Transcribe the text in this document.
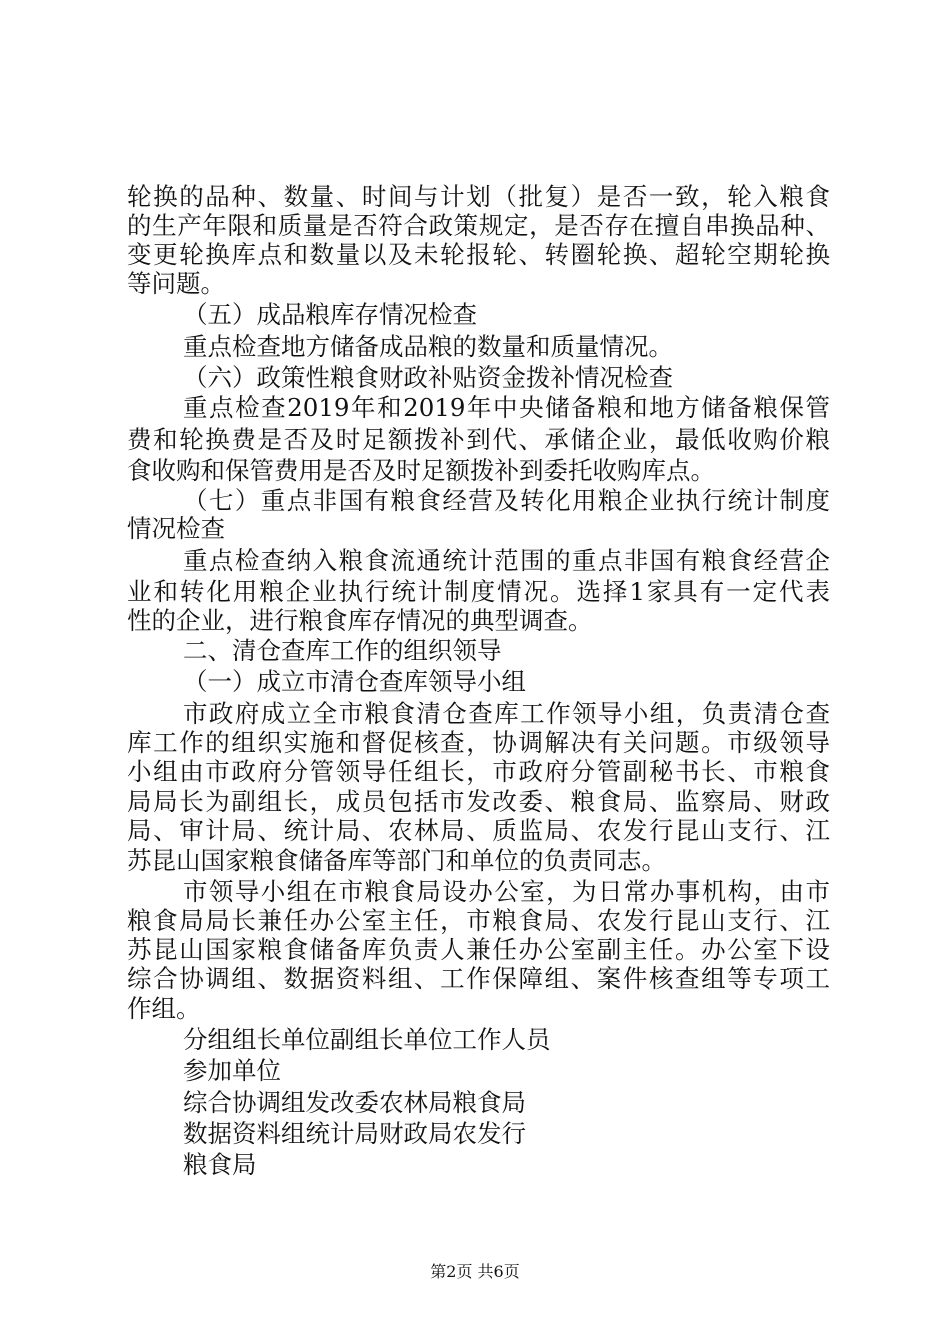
轮换的品种、数量、时间与计划（批复）是否一致，轮入粮食
的生产年限和质量是否符合政策规定，是否存在擅自串换品种、
变更轮换库点和数量以及未轮报轮、转圈轮换、超轮空期轮换
等问题。
（五）成品粮库存情况检查
重点检查地方储备成品粮的数量和质量情况。
（六）政策性粮食财政补贴资金拨补情况检查
重点检查2019年和2019年中央储备粮和地方储备粮保管
费和轮换费是否及时足额拨补到代、承储企业，最低收购价粮
食收购和保管费用是否及时足额拨补到委托收购库点。
（七）重点非国有粮食经营及转化用粮企业执行统计制度
情况检查
重点检查纳入粮食流通统计范围的重点非国有粮食经营企
业和转化用粮企业执行统计制度情况。选择1家具有一定代表
性的企业，进行粮食库存情况的典型调查。
二、清仓查库工作的组织领导
（一）成立市清仓查库领导小组
市政府成立全市粮食清仓查库工作领导小组，负责清仓查
库工作的组织实施和督促核查，协调解决有关问题。市级领导
小组由市政府分管领导任组长，市政府分管副秘书长、市粮食
局局长为副组长，成员包括市发改委、粮食局、监察局、财政
局、审计局、统计局、农林局、质监局、农发行昆山支行、江
苏昆山国家粮食储备库等部门和单位的负责同志。
市领导小组在市粮食局设办公室，为日常办事机构，由市
粮食局局长兼任办公室主任，市粮食局、农发行昆山支行、江
苏昆山国家粮食储备库负责人兼任办公室副主任。办公室下设
综合协调组、数据资料组、工作保障组、案件核查组等专项工
作组。
分组组长单位副组长单位工作人员
参加单位
综合协调组发改委农林局粮食局
数据资料组统计局财政局农发行
粮食局
第2页 共6页
